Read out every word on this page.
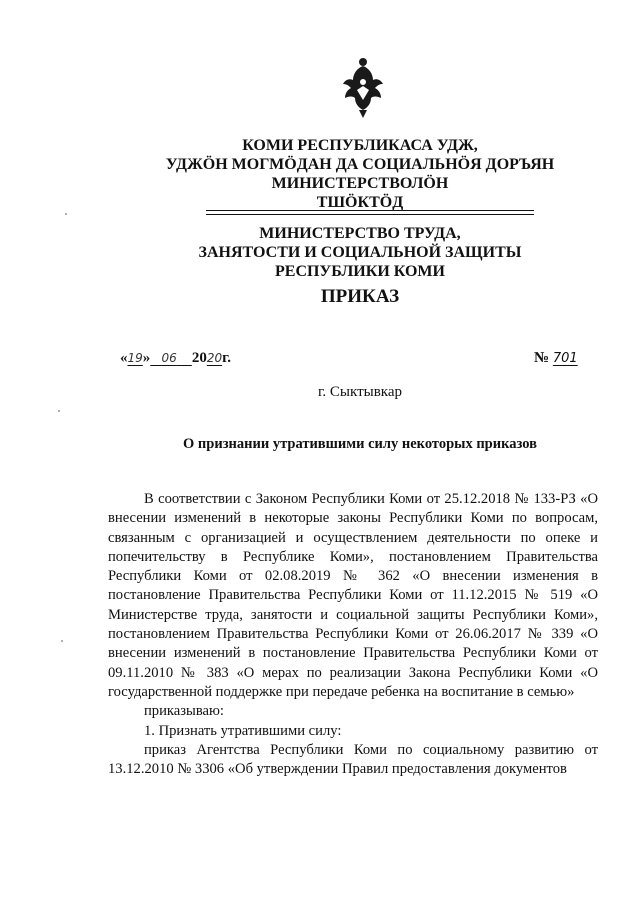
КОМИ РЕСПУБЛИКАСА УДЖ,
УДЖӦН МОГМӦДАН ДА СОЦИАЛЬНӦЯ ДОРЪЯН
МИНИСТЕРСТВОЛӦН
ТШӦКТӦД
МИНИСТЕРСТВО ТРУДА,
ЗАНЯТОСТИ И СОЦИАЛЬНОЙ ЗАЩИТЫ
РЕСПУБЛИКИ КОМИ
ПРИКАЗ
«19» 06 2020г.	№ 701
г. Сыктывкар
О признании утратившими силу некоторых приказов

В соответствии с Законом Республики Коми от 25.12.2018 № 133-РЗ «О внесении изменений в некоторые законы Республики Коми по вопросам, связанным с организацией и осуществлением деятельности по опеке и попечительству в Республике Коми», постановлением Правительства Республики Коми от 02.08.2019 № 362 «О внесении изменения в постановление Правительства Республики Коми от 11.12.2015 № 519 «О Министерстве труда, занятости и социальной защиты Республики Коми», постановлением Правительства Республики Коми от 26.06.2017 № 339 «О внесении изменений в постановление Правительства Республики Коми от 09.11.2010 № 383 «О мерах по реализации Закона Республики Коми «О государственной поддержке при передаче ребенка на воспитание в семью»

приказываю:

1. Признать утратившими силу:

приказ Агентства Республики Коми по социальному развитию от 13.12.2010 № 3306 «Об утверждении Правил предоставления документов
